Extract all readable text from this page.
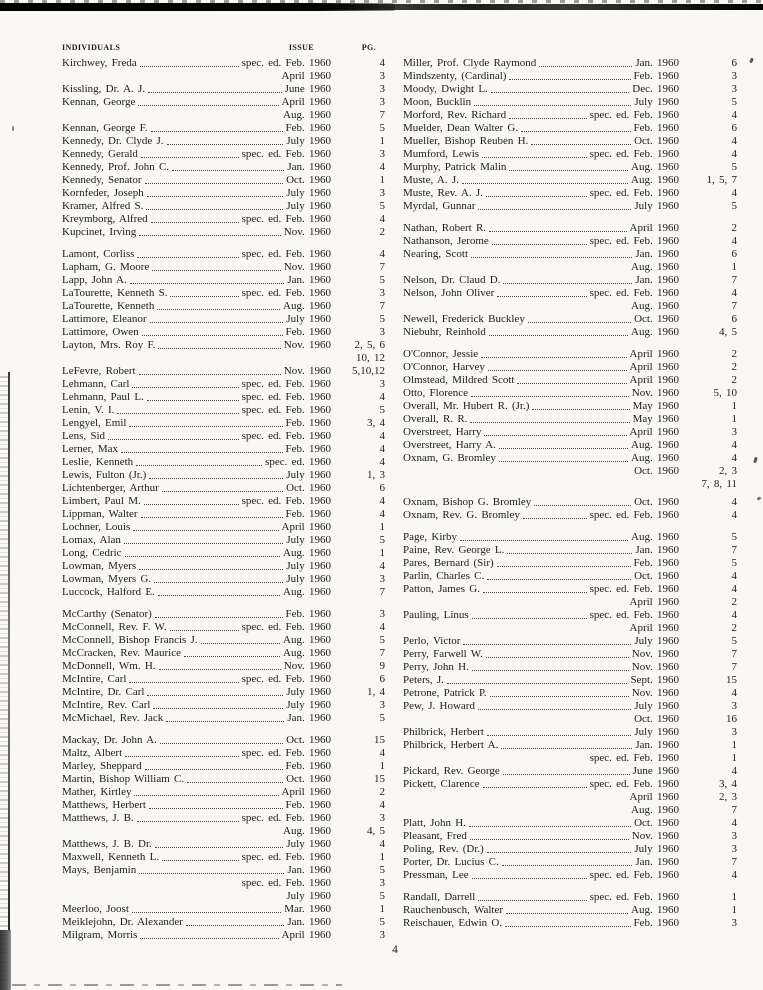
INDIVIDUALS	ISSUE	PG.
Kirchwey, Freda	spec. ed. Feb. 1960	4
April 1960	3
Kissling, Dr. A. J.	June 1960	3
Kennan, George	April 1960	3
Aug. 1960	7
Kennan, George F.	Feb. 1960	5
Kennedy, Dr. Clyde J.	July 1960	1
Kennedy, Gerald	spec. ed. Feb. 1960	3
Kennedy, Prof. John C.	Jan. 1960	4
Kennedy, Senator	Oct. 1960	1
Kornfeder, Joseph	July 1960	3
Kramer, Alfred S.	July 1960	5
Kreymborg, Alfred	spec. ed. Feb. 1960	4
Kupcinet, Irving	Nov. 1960	2
Lamont, Corliss	spec. ed. Feb. 1960	4
Lapham, G. Moore	Nov. 1960	7
Lapp, John A.	Jan. 1960	5
LaTourette, Kenneth S.	spec. ed. Feb. 1960	3
LaTourette, Kenneth	Aug. 1960	7
Lattimore, Eleanor	July 1960	5
Lattimore, Owen	Feb. 1960	3
Layton, Mrs. Roy F.	Nov. 1960	2, 5, 6
10, 12
LeFevre, Robert	Nov. 1960	5,10,12
Lehmann, Carl	spec. ed. Feb. 1960	3
Lehmann, Paul L.	spec. ed. Feb. 1960	4
Lenin, V. I.	spec. ed. Feb. 1960	5
Lengyel, Emil	Feb. 1960	3, 4
Lens, Sid	spec. ed. Feb. 1960	4
Lerner, Max	Feb. 1960	4
Leslie, Kenneth	spec. ed. 1960	4
Lewis, Fulton (Jr.)	July 1960	1, 3
Lichtenberger, Arthur	Oct. 1960	6
Limbert, Paul M.	spec. ed. Feb. 1960	4
Lippman, Walter	Feb. 1960	4
Lochner, Louis	April 1960	1
Lomax, Alan	July 1960	5
Long, Cedric	Aug. 1960	1
Lowman, Myers	July 1960	4
Lowman, Myers G.	July 1960	3
Luccock, Halford E.	Aug. 1960	7
McCarthy (Senator)	Feb. 1960	3
McConnell, Rev. F. W.	spec. ed. Feb. 1960	4
McConnell, Bishop Francis J.	Aug. 1960	5
McCracken, Rev. Maurice	Aug. 1960	7
McDonnell, Wm. H.	Nov. 1960	9
McIntire, Carl	spec. ed. Feb. 1960	6
McIntire, Dr. Carl	July 1960	1, 4
McIntire, Rev. Carl	July 1960	3
McMichael, Rev. Jack	Jan. 1960	5
Mackay, Dr. John A.	Oct. 1960	15
Maltz, Albert	spec. ed. Feb. 1960	4
Marley, Sheppard	Feb. 1960	1
Martin, Bishop William C.	Oct. 1960	15
Mather, Kirtley	April 1960	2
Matthews, Herbert	Feb. 1960	4
Matthews, J. B.	spec. ed. Feb. 1960	3
Aug. 1960	4, 5
Matthews, J. B. Dr.	July 1960	4
Maxwell, Kenneth L.	spec. ed. Feb. 1960	1
Mays, Benjamin	Jan. 1960	5
spec. ed. Feb. 1960	3
July 1960	5
Meerloo, Joost	Mar. 1960	1
Meiklejohn, Dr. Alexander	Jan. 1960	5
Milgram, Morris	April 1960	3
Miller, Prof. Clyde Raymond	Jan. 1960	6
Mindszenty, (Cardinal)	Feb. 1960	3
Moody, Dwight L.	Dec. 1960	3
Moon, Bucklin	July 1960	5
Morford, Rev. Richard	spec. ed. Feb. 1960	4
Muelder, Dean Walter G.	Feb. 1960	6
Mueller, Bishop Reuben H.	Oct. 1960	4
Mumford, Lewis	spec. ed. Feb. 1960	4
Murphy, Patrick Malin	Aug. 1960	5
Muste, A. J.	Aug. 1960	1, 5, 7
Muste, Rev. A. J.	spec. ed. Feb. 1960	4
Myrdal, Gunnar	July 1960	5
Nathan, Robert R.	April 1960	2
Nathanson, Jerome	spec. ed. Feb. 1960	4
Nearing, Scott	Jan. 1960	6
Aug. 1960	1
Nelson, Dr. Claud D.	Jan. 1960	7
Nelson, John Oliver	spec. ed. Feb. 1960	4
Aug. 1960	7
Newell, Frederick Buckley	Oct. 1960	6
Niebuhr, Reinhold	Aug. 1960	4, 5
O'Connor, Jessie	April 1960	2
O'Connor, Harvey	April 1960	2
Olmstead, Mildred Scott	April 1960	2
Otto, Florence	Nov. 1960	5, 10
Overall, Mr. Hubert R. (Jr.)	May 1960	1
Overall, R. R.	May 1960	1
Overstreet, Harry	April 1960	3
Overstreet, Harry A.	Aug. 1960	4
Oxnam, G. Bromley	Aug. 1960	4
Oct. 1960	2, 3
7, 8, 11
Oxnam, Bishop G. Bromley	Oct. 1960	4
Oxnam, Rev. G. Bromley	spec. ed. Feb. 1960	4
Page, Kirby	Aug. 1960	5
Paine, Rev. George L.	Jan. 1960	7
Pares, Bernard (Sir)	Feb. 1960	5
Parlin, Charles C.	Oct. 1960	4
Patton, James G.	spec. ed. Feb. 1960	4
April 1960	2
Pauling, Linus	spec. ed. Feb. 1960	4
April 1960	2
Perlo, Victor	July 1960	5
Perry, Farwell W.	Nov. 1960	7
Perry, John H.	Nov. 1960	7
Peters, J.	Sept. 1960	15
Petrone, Patrick P.	Nov. 1960	4
Pew, J. Howard	July 1960	3
Oct. 1960	16
Philbrick, Herbert	July 1960	3
Philbrick, Herbert A.	Jan. 1960	1
spec. ed. Feb. 1960	1
Pickard, Rev. George	June 1960	4
Pickett, Clarence	spec. ed. Feb. 1960	3, 4
April 1960	2, 3
Aug. 1960	7
Platt, John H.	Oct. 1960	4
Pleasant, Fred	Nov. 1960	3
Poling, Rev. (Dr.)	July 1960	3
Porter, Dr. Lucius C.	Jan. 1960	7
Pressman, Lee	spec. ed. Feb. 1960	4
Randall, Darrell	spec. ed. Feb. 1960	1
Rauchenbusch, Walter	Aug. 1960	1
Reischauer, Edwin O.	Feb. 1960	3
4
